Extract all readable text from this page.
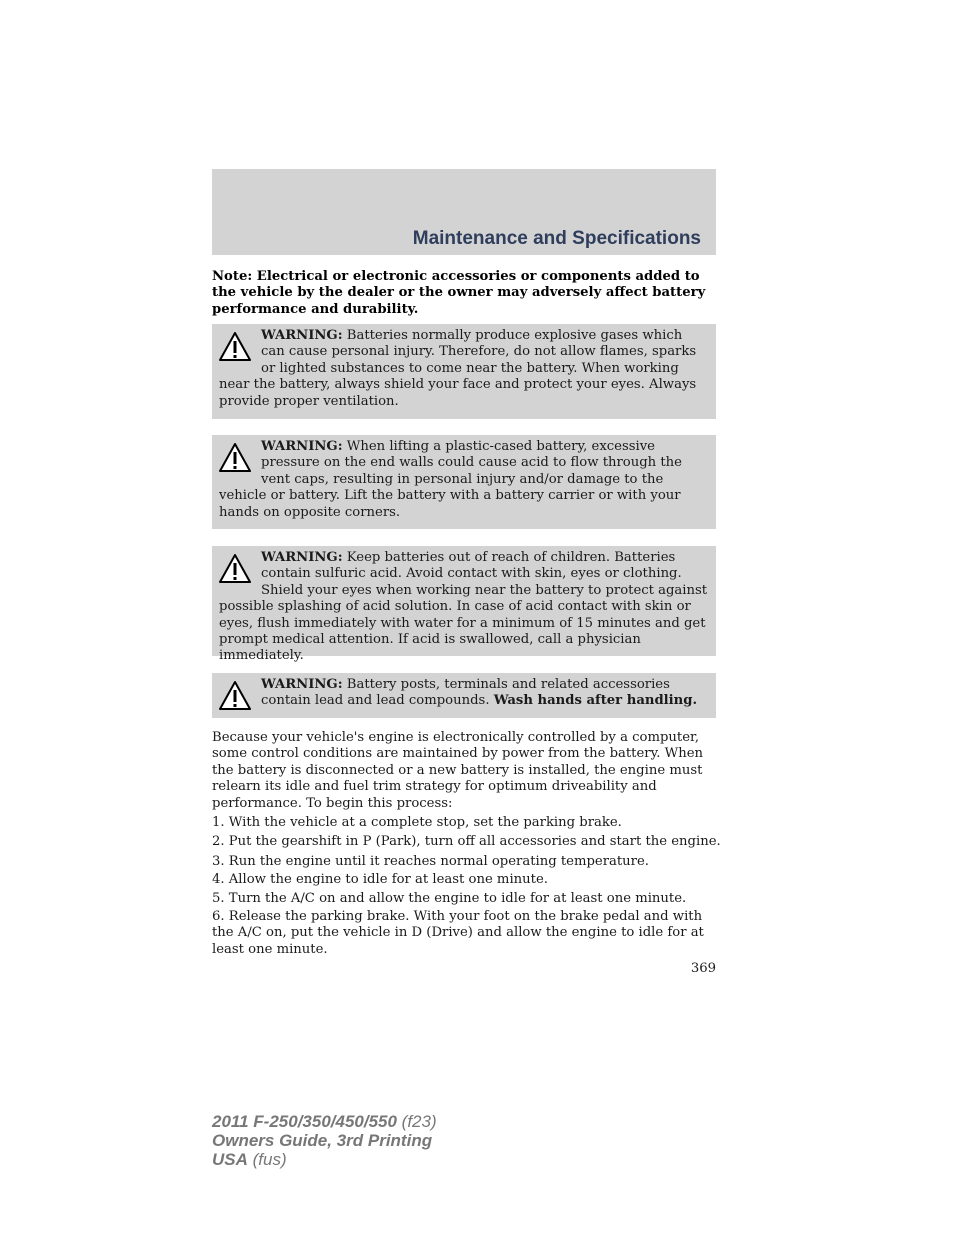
Maintenance and Specifications
Note: Electrical or electronic accessories or components added to the vehicle by the dealer or the owner may adversely affect battery performance and durability.
WARNING: Batteries normally produce explosive gases which can cause personal injury. Therefore, do not allow flames, sparks or lighted substances to come near the battery. When working near the battery, always shield your face and protect your eyes. Always provide proper ventilation.
WARNING: When lifting a plastic-cased battery, excessive pressure on the end walls could cause acid to flow through the vent caps, resulting in personal injury and/or damage to the vehicle or battery. Lift the battery with a battery carrier or with your hands on opposite corners.
WARNING: Keep batteries out of reach of children. Batteries contain sulfuric acid. Avoid contact with skin, eyes or clothing. Shield your eyes when working near the battery to protect against possible splashing of acid solution. In case of acid contact with skin or eyes, flush immediately with water for a minimum of 15 minutes and get prompt medical attention. If acid is swallowed, call a physician immediately.
WARNING: Battery posts, terminals and related accessories contain lead and lead compounds. Wash hands after handling.
Because your vehicle's engine is electronically controlled by a computer, some control conditions are maintained by power from the battery. When the battery is disconnected or a new battery is installed, the engine must relearn its idle and fuel trim strategy for optimum driveability and performance. To begin this process:
1. With the vehicle at a complete stop, set the parking brake.
2. Put the gearshift in P (Park), turn off all accessories and start the engine.
3. Run the engine until it reaches normal operating temperature.
4. Allow the engine to idle for at least one minute.
5. Turn the A/C on and allow the engine to idle for at least one minute.
6. Release the parking brake. With your foot on the brake pedal and with the A/C on, put the vehicle in D (Drive) and allow the engine to idle for at least one minute.
369
2011 F-250/350/450/550 (f23)
Owners Guide, 3rd Printing
USA (fus)
